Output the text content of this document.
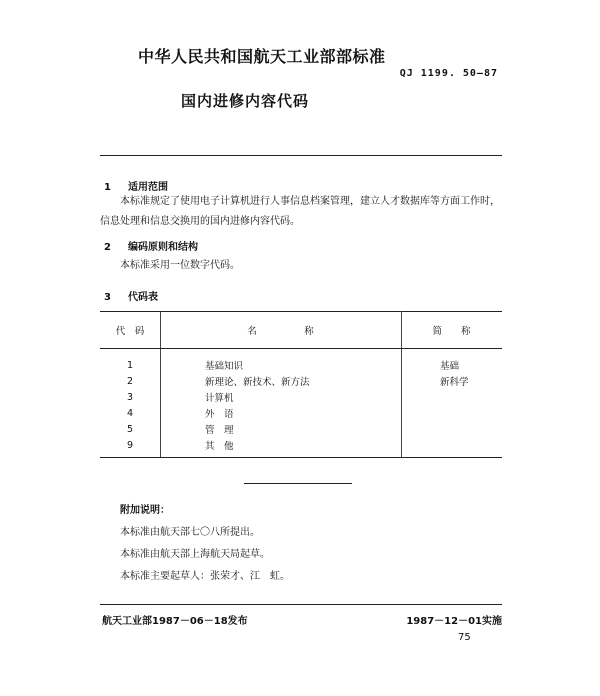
中华人民共和国航天工业部部标准
QJ 1199. 50—87
国内进修内容代码
1 适用范围
本标准规定了使用电子计算机进行人事信息档案管理，建立人才数据库等方面工作时，
信息处理和信息交换用的国内进修内容代码。
2 编码原则和结构
本标准采用一位数字代码。
3 代码表
代　码	名　　　　　称	简　　称
1	基础知识	基础
2	新理论、新技术、新方法	新科学
3	计算机	
4	外　语	
5	管　理	
9	其　他	
附加说明：
本标准由航天部七〇八所提出。
本标准由航天部上海航天局起草。
本标准主要起草人：张荣才、江　虹。
航天工业部1987－06－18发布	1987－12－01实施
75
